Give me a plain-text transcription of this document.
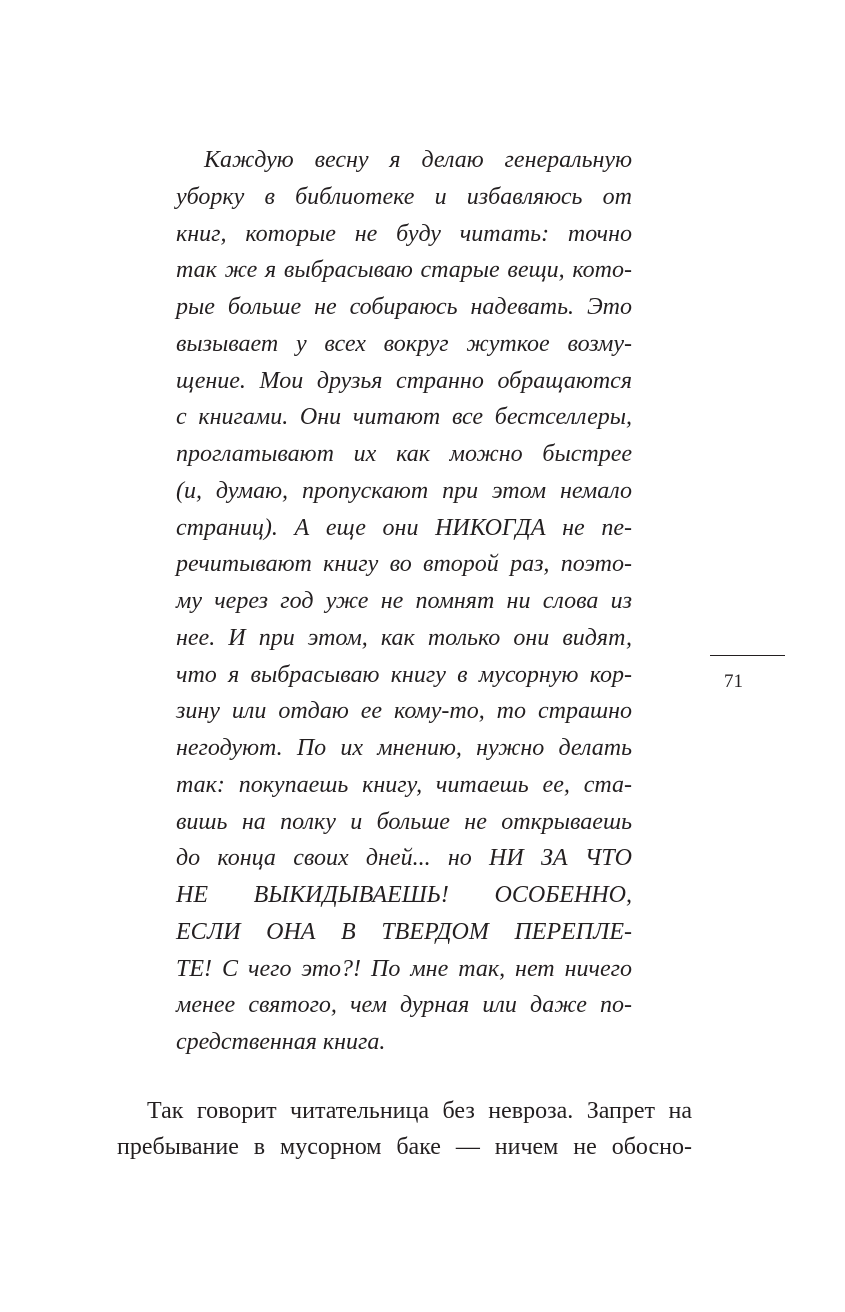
Каждую весну я делаю генеральную
уборку в библиотеке и избавляюсь от
книг, которые не буду читать: точно
так же я выбрасываю старые вещи, кото-
рые больше не собираюсь надевать. Это
вызывает у всех вокруг жуткое возму-
щение. Мои друзья странно обращаются
с книгами. Они читают все бестселлеры,
проглатывают их как можно быстрее
(и, думаю, пропускают при этом немало
страниц). А еще они НИКОГДА не пе-
речитывают книгу во второй раз, поэто-
му через год уже не помнят ни слова из
нее. И при этом, как только они видят,
что я выбрасываю книгу в мусорную кор-
зину или отдаю ее кому-то, то страшно
негодуют. По их мнению, нужно делать
так: покупаешь книгу, читаешь ее, ста-
вишь на полку и больше не открываешь
до конца своих дней... но НИ ЗА ЧТО
НЕ ВЫКИДЫВАЕШЬ! ОСОБЕННО,
ЕСЛИ ОНА В ТВЕРДОМ ПЕРЕПЛЕ-
ТЕ! С чего это?! По мне так, нет ничего
менее святого, чем дурная или даже по-
средственная книга.
71
Так говорит читательница без невроза. Запрет на
пребывание в мусорном баке — ничем не обосно-
